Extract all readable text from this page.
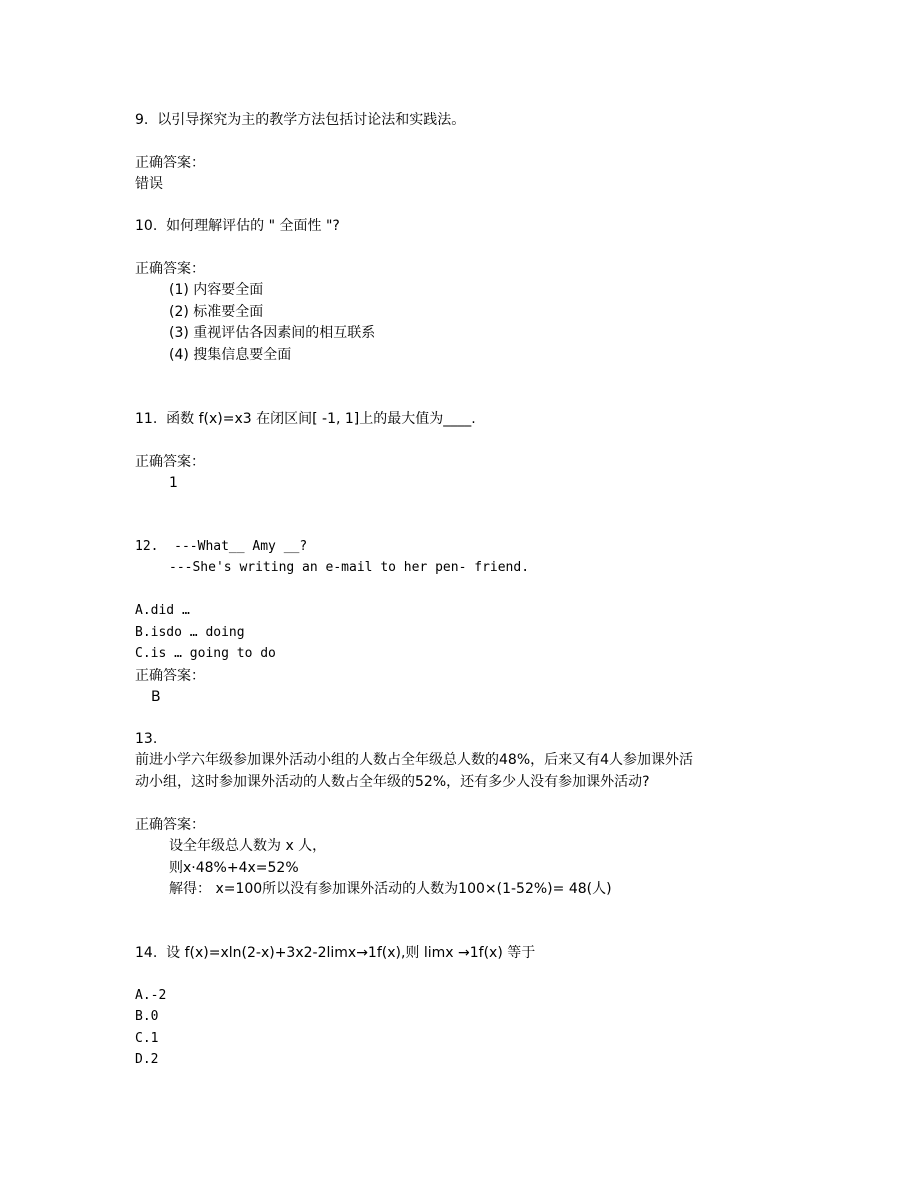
9.  以引导探究为主的教学方法包括讨论法和实践法。
正确答案：
错误
10.  如何理解评估的 " 全面性 "?
正确答案：
(1) 内容要全面
(2) 标准要全面
(3) 重视评估各因素间的相互联系
(4) 搜集信息要全面
11.  函数 f(x)=x3 在闭区间[ -1, 1]上的最大值为____.
正确答案：
1
12.  ---What__ Amy __?
---She's writing an e-mail to her pen- friend.
A.did …
B.isdo … doing
C.is … going to do
正确答案：
B
13.
前进小学六年级参加课外活动小组的人数占全年级总人数的48%，后来又有4人参加课外活
动小组，这时参加课外活动的人数占全年级的52%，还有多少人没有参加课外活动?
正确答案：
设全年级总人数为 x 人，
则x·48%+4x=52%
解得： x=100所以没有参加课外活动的人数为100×(1-52%)= 48(人)
14.  设 f(x)=xln(2-x)+3x2-2limx→1f(x),则 limx →1f(x) 等于
A.-2
B.0
C.1
D.2
